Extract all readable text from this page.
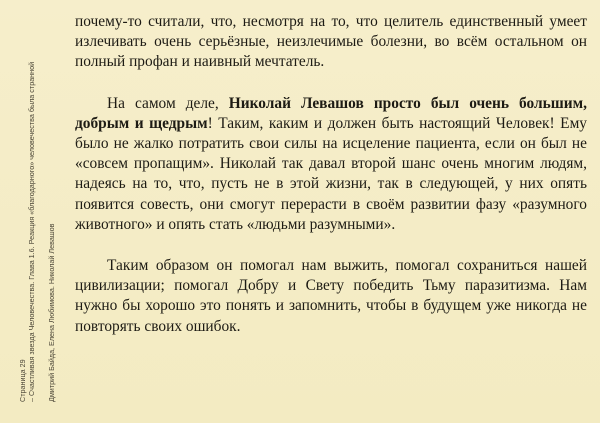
Страница 29 – Счастливая звезда Человечества. Глава 1.6. Реакция «благодарного» человечества была странной Дмитрий Байда, Елена Любимова. Николай Левашов

почему-то считали, что, несмотря на то, что целитель единственный умеет излечивать очень серьёзные, неизлечимые болезни, во всём остальном он полный профан и наивный мечтатель.

На самом деле, Николай Левашов просто был очень большим, добрым и щедрым! Таким, каким и должен быть настоящий Человек! Ему было не жалко потратить свои силы на исцеление пациента, если он был не «совсем пропащим». Николай так давал второй шанс очень многим людям, надеясь на то, что, пусть не в этой жизни, так в следующей, у них опять появится совесть, они смогут перерасти в своём развитии фазу «разумного животного» и опять стать «людьми разумными».

Таким образом он помогал нам выжить, помогал сохраниться нашей цивилизации; помогал Добру и Свету победить Тьму паразитизма. Нам нужно бы хорошо это понять и запомнить, чтобы в будущем уже никогда не повторять своих ошибок.
